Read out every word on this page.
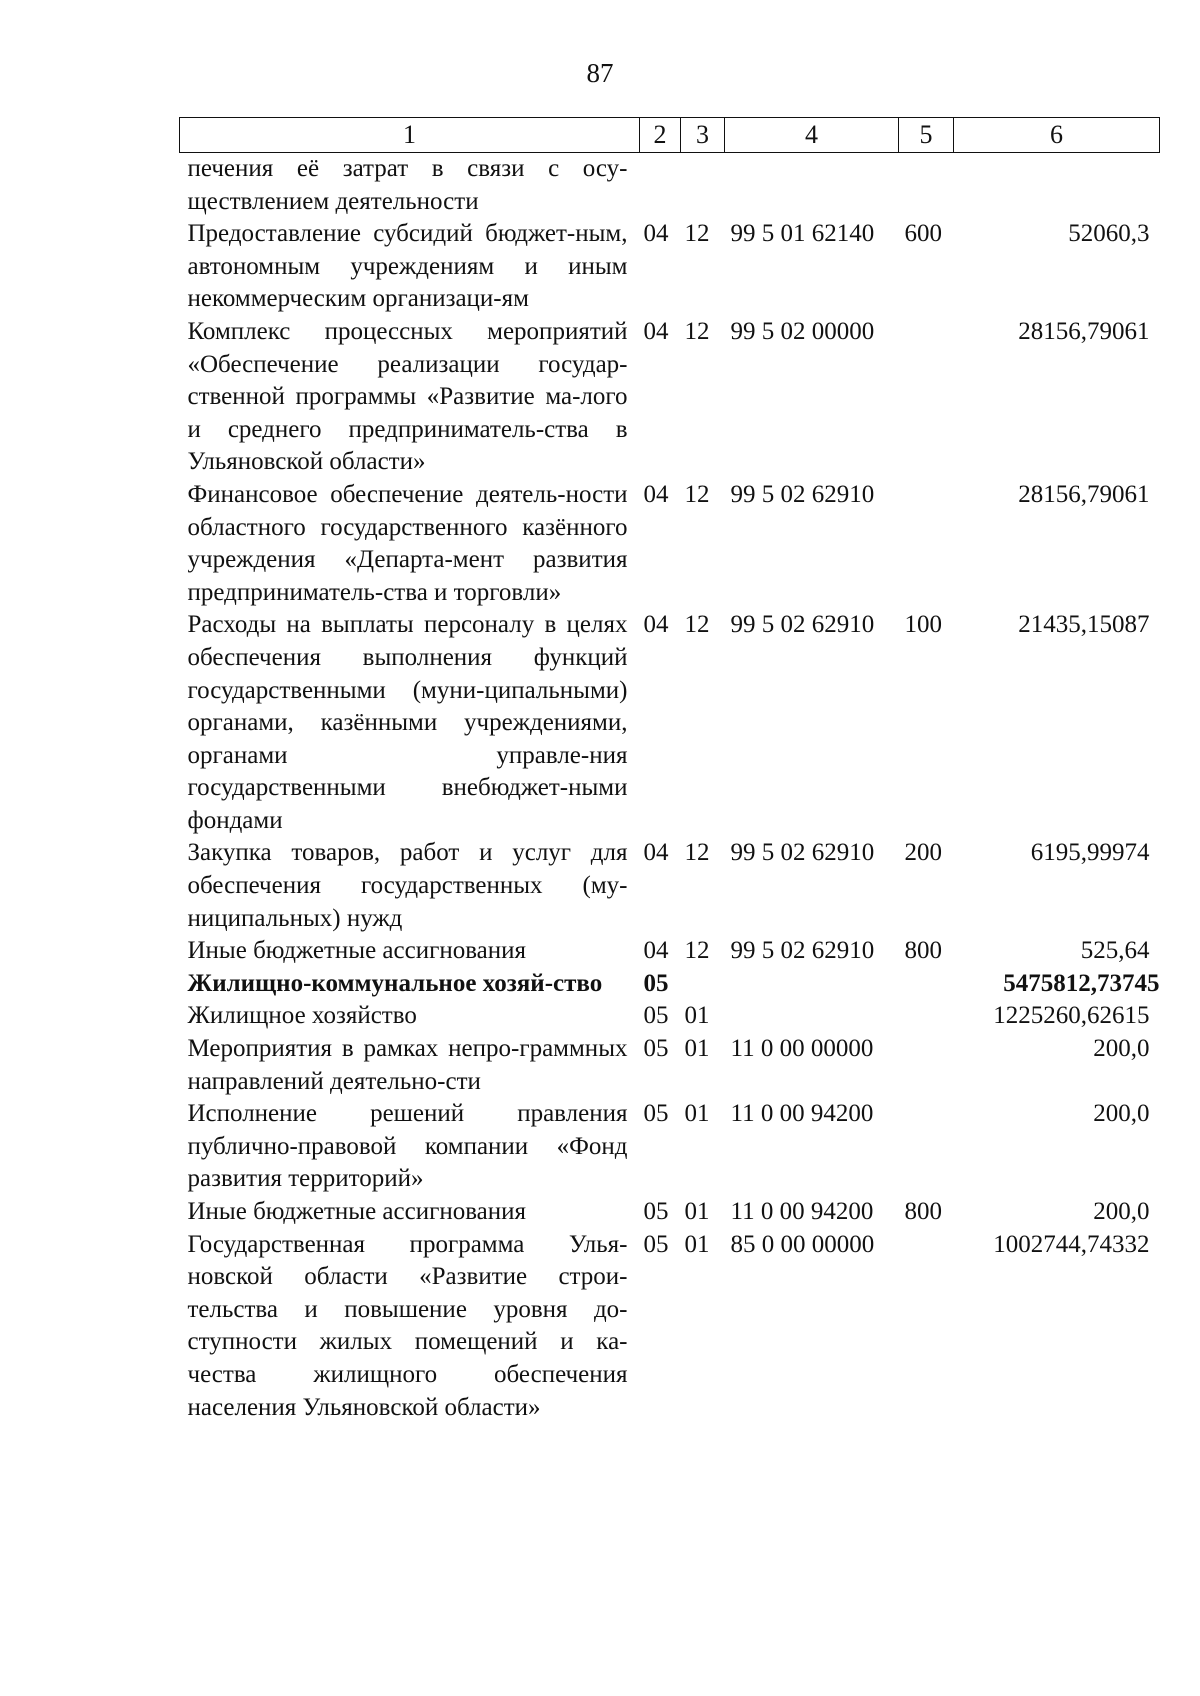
87
1	2	3	4	5	6
печения её затрат в связи с осу-ществлением деятельности					
Предоставление субсидий бюджет-ным, автономным учреждениям и иным некоммерческим организаци-ям	04	12	99 5 01 62140	600	52060,3
Комплекс процессных мероприятий «Обеспечение реализации государ-ственной программы «Развитие ма-лого и среднего предприниматель-ства в Ульяновской области»	04	12	99 5 02 00000		28156,79061
Финансовое обеспечение деятель-ности областного государственного казённого учреждения «Департа-мент развития предприниматель-ства и торговли»	04	12	99 5 02 62910		28156,79061
Расходы на выплаты персоналу в целях обеспечения выполнения функций государственными (муни-ципальными) органами, казёнными учреждениями, органами управле-ния государственными внебюджет-ными фондами	04	12	99 5 02 62910	100	21435,15087
Закупка товаров, работ и услуг для обеспечения государственных (му-ниципальных) нужд	04	12	99 5 02 62910	200	6195,99974
Иные бюджетные ассигнования	04	12	99 5 02 62910	800	525,64
Жилищно-коммунальное хозяй-ство	05				5475812,73745
Жилищное хозяйство	05	01			1225260,62615
Мероприятия в рамках непро-граммных направлений деятельно-сти	05	01	11 0 00 00000		200,0
Исполнение решений правления публично-правовой компании «Фонд развития территорий»	05	01	11 0 00 94200		200,0
Иные бюджетные ассигнования	05	01	11 0 00 94200	800	200,0
Государственная программа Улья-новской области «Развитие строи-тельства и повышение уровня до-ступности жилых помещений и ка-чества жилищного обеспечения населения Ульяновской области»	05	01	85 0 00 00000		1002744,74332
